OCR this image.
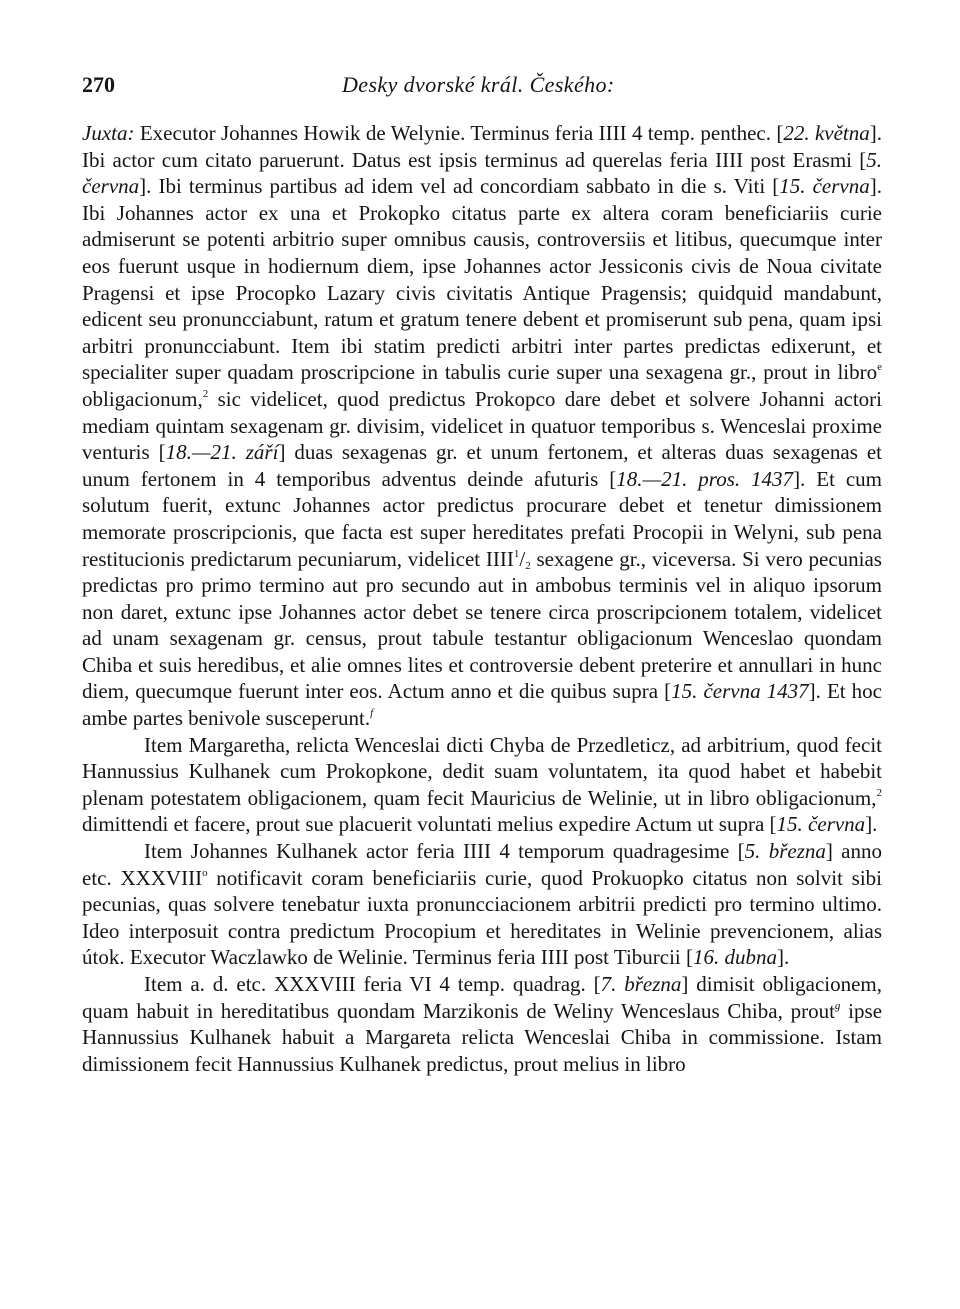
270	Desky dvorské král. Českého:

Juxta: Executor Johannes Howik de Welynie. Terminus feria IIII 4 temp. penthec. [22. května]. Ibi actor cum citato paruerunt. Datus est ipsis terminus ad querelas feria IIII post Erasmi [5. června]. Ibi terminus partibus ad idem vel ad concordiam sabbato in die s. Viti [15. června]. Ibi Johannes actor ex una et Prokopko citatus parte ex altera coram beneficiariis curie admiserunt se potenti arbitrio super omnibus causis, controversiis et litibus, quecumque inter eos fuerunt usque in hodiernum diem, ipse Johannes actor Jessiconis civis de Noua civitate Pragensi et ipse Procopko Lazary civis civitatis Antique Pragensis; quidquid mandabunt, edicent seu pronuncciabunt, ratum et gratum tenere debent et promiserunt sub pena, quam ipsi arbitri pronuncciabunt. Item ibi statim predicti arbitri inter partes predictas edixerunt, et specialiter super quadam proscripcione in tabulis curie super una sexagena gr., prout in libro$^e$ obligacionum,$^2$ sic videlicet, quod predictus Prokopco dare debet et solvere Johanni actori mediam quintam sexagenam gr. divisim, videlicet in quatuor temporibus s. Wenceslai proxime venturis [18.—21. září] duas sexagenas gr. et unum fertonem, et alteras duas sexagenas et unum fertonem in 4 temporibus adventus deinde afuturis [18.—21. pros. 1437]. Et cum solutum fuerit, extunc Johannes actor predictus procurare debet et tenetur dimissionem memorate proscripcionis, que facta est super hereditates prefati Procopii in Welyni, sub pena restitucionis predictarum pecuniarum, videlicet $IIII^1/_2$ sexagene gr., viceversa. Si vero pecunias predictas pro primo termino aut pro secundo aut in ambobus terminis vel in aliquo ipsorum non daret, extunc ipse Johannes actor debet se tenere circa proscripcionem totalem, videlicet ad unam sexagenam gr. census, prout tabule testantur obligacionum Wenceslao quondam Chiba et suis heredibus, et alie omnes lites et controversie debent preterire et annullari in hunc diem, quecumque fuerunt inter eos. Actum anno et die quibus supra [15. června 1437]. Et hoc ambe partes benivole susceperunt.$^f$

Item Margaretha, relicta Wenceslai dicti Chyba de Przedleticz, ad arbitrium, quod fecit Hannussius Kulhanek cum Prokopkone, dedit suam voluntatem, ita quod habet et habebit plenam potestatem obligacionem, quam fecit Mauricius de Welinie, ut in libro obligacionum,$^2$ dimittendi et facere, prout sue placuerit voluntati melius expedire Actum ut supra [15. června].

Item Johannes Kulhanek actor feria IIII 4 temporum quadragesime [5. března] anno etc. XXXVIII$^o$ notificavit coram beneficiariis curie, quod Prokuopko citatus non solvit sibi pecunias, quas solvere tenebatur iuxta pronuncciacionem arbitrii predicti pro termino ultimo. Ideo interposuit contra predictum Procopium et hereditates in Welinie prevencionem, alias útok. Executor Waczlawko de Welinie. Terminus feria IIII post Tiburcii [16. dubna].

Item a. d. etc. XXXVIII feria VI 4 temp. quadrag. [7. března] dimisit obligacionem, quam habuit in hereditatibus quondam Marzikonis de Weliny Wenceslaus Chiba, prout$^g$ ipse Hannussius Kulhanek habuit a Margareta relicta Wenceslai Chiba in commissione. Istam dimissionem fecit Hannussius Kulhanek predictus, prout melius in libro
